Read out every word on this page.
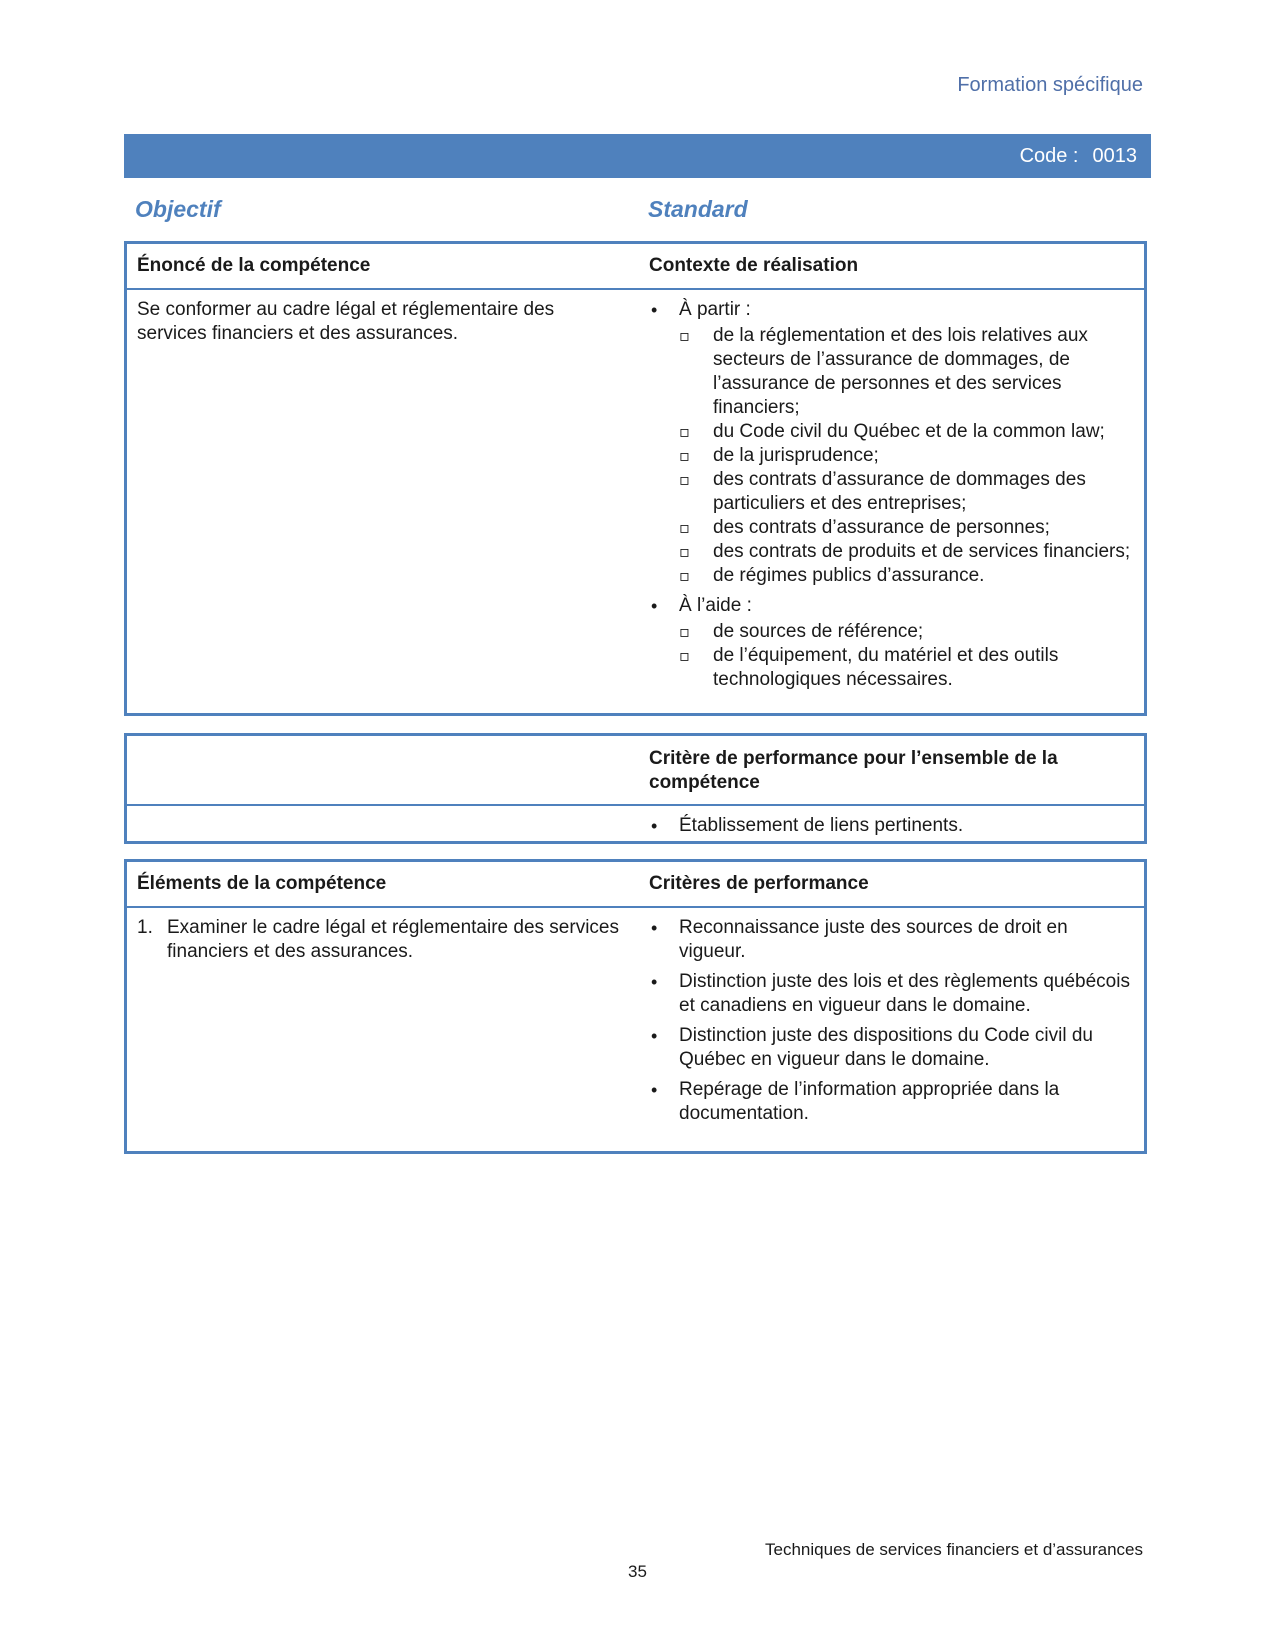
Formation spécifique
Code : 0013
Objectif	Standard
Énoncé de la compétence	Contexte de réalisation
Se conformer au cadre légal et réglementaire des services financiers et des assurances.
• À partir :
▫ de la réglementation et des lois relatives aux secteurs de l’assurance de dommages, de l’assurance de personnes et des services financiers;
▫ du Code civil du Québec et de la common law;
▫ de la jurisprudence;
▫ des contrats d’assurance de dommages des particuliers et des entreprises;
▫ des contrats d’assurance de personnes;
▫ des contrats de produits et de services financiers;
▫ de régimes publics d’assurance.
• À l’aide :
▫ de sources de référence;
▫ de l’équipement, du matériel et des outils technologiques nécessaires.
Critère de performance pour l’ensemble de la compétence
• Établissement de liens pertinents.
Éléments de la compétence	Critères de performance
1. Examiner le cadre légal et réglementaire des services financiers et des assurances.
• Reconnaissance juste des sources de droit en vigueur.
• Distinction juste des lois et des règlements québécois et canadiens en vigueur dans le domaine.
• Distinction juste des dispositions du Code civil du Québec en vigueur dans le domaine.
• Repérage de l’information appropriée dans la documentation.
Techniques de services financiers et d’assurances
35
